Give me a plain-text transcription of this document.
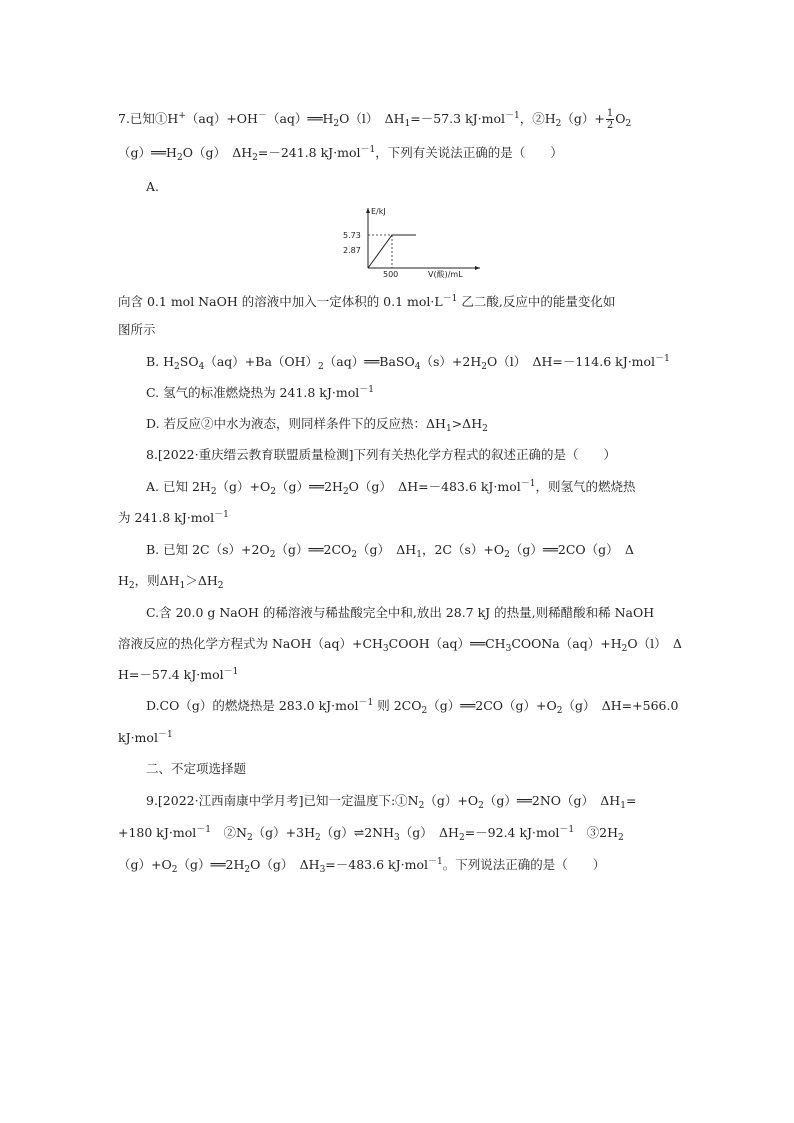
7.已知$①H^+(aq)+OH^-(aq)══H_2O(l)$　$\Delta H_1=-57.3$ kJ·mol$^{-1}$，$②H_2(g)+ \frac{1}{2} O_2$
$(g)══H_2O(g)$　$\Delta H_2=-241.8$ kJ·mol$^{-1}$，下列有关说法正确的是（　　）
A.
E/kJ
5.73
2.87
500	V(酸)/mL
向含 0.1 mol NaOH 的溶液中加入一定体积的 0.1 $mol\cdot L^{-1}$ 乙二酸,反应中的能量变化如
图所示
B. $H_2SO_4(aq)+Ba(OH)_2(aq)══BaSO_4(s)+2H_2O(l)$　ΔH=－114.6 kJ·mol$^{-1}$
C. 氢气的标准燃烧热为 241.8 kJ·mol$^{-1}$
D. 若反应②中水为液态，则同样条件下的反应热：$\Delta H_1>\Delta H_2$
8.[2022·重庆缙云教育联盟质量检测]下列有关热化学方程式的叙述正确的是（　　）
A. 已知 $2H_2(g)+O_2(g)══2H_2O(g)$　ΔH=－483.6 kJ·mol$^{-1}$，则氢气的燃烧热
为 241.8 kJ·mol$^{-1}$
B. 已知 $2C(s)+2O_2(g)══2CO_2(g)$　$\Delta H_1$，$2C(s)+O_2(g)══2CO(g)$　Δ
$H_2$，则$\Delta H_1>\Delta H_2$
C.含 20.0 g NaOH 的稀溶液与稀盐酸完全中和,放出 28.7 kJ 的热量,则稀醋酸和稀 NaOH
溶液反应的热化学方程式为 $NaOH(aq)+CH_3COOH(aq)══CH_3COONa(aq)+H_2O(l)$　Δ
H=－57.4 kJ·mol$^{-1}$
D.CO（g）的燃烧热是 283.0 kJ·mol$^{-1}$ 则 $2CO_2(g)══2CO(g)+O_2(g)$　ΔH=+566.0
kJ·mol$^{-1}$
二、不定项选择题
9.[2022·江西南康中学月考]已知一定温度下$:①N_2(g)+O_2(g)══2NO(g)$　$\Delta H_1=$
+180 kJ·mol$^{-1}$　$②N_2(g)+3H_2(g)\rightleftharpoons 2NH_3(g)$　$\Delta H_2=-92.4$ kJ·mol$^{-1}$　$③2H_2$
$(g)+O_2(g)══2H_2O(g)$　$\Delta H_3=-483.6$ kJ·mol$^{-1}$。下列说法正确的是（　　）
